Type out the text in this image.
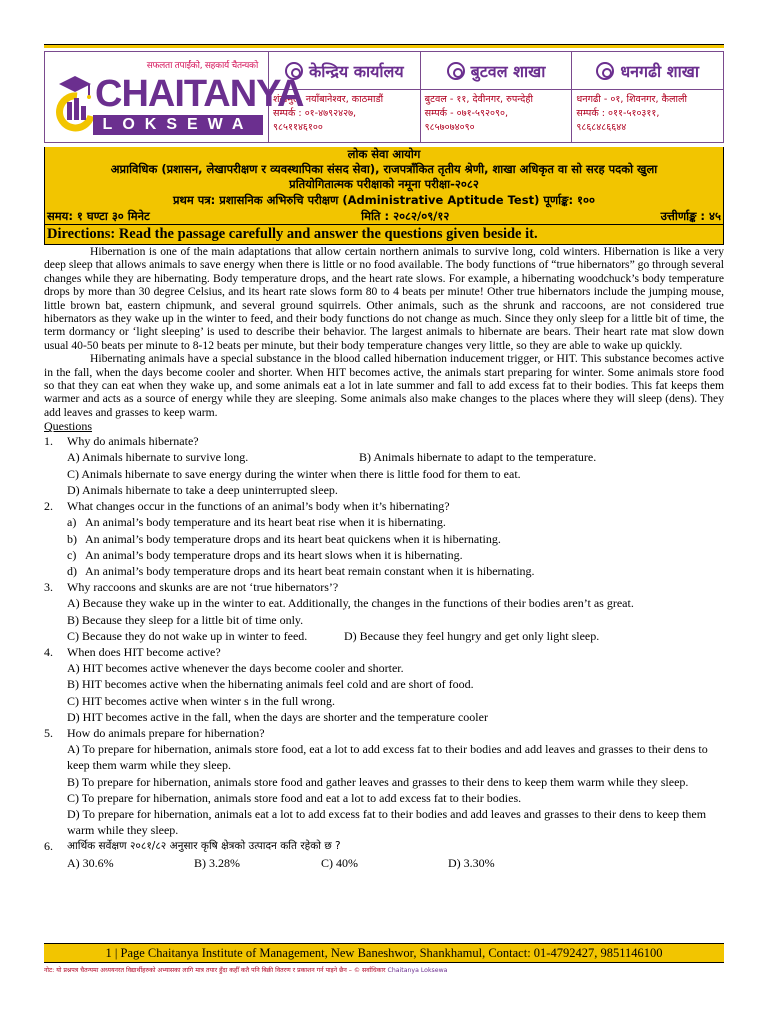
सफलता तपाईंको, सहकार्य चैतन्यको
CHAITANYA
LOKSEWA
केन्द्रिय कार्यालय
शंखमुल, नयाँबानेश्वर, काठमाडौं
सम्पर्क : ०१-४७९२४२७,
९८५११४६१००
बुटवल शाखा
बुटवल - ११, देवीनगर, रुपन्देही
सम्पर्क - ०७१-५९२०९०,
९८५७०७४०९०
धनगढी शाखा
धनगढी - ०१, शिवनगर, कैलाली
सम्पर्क : ०११-५१०३११,
९८६८४८६६४४
लोक सेवा आयोग
अप्राविधिक (प्रशासन, लेखापरीक्षण र व्यवस्थापिका संसद सेवा), राजपत्राँकित तृतीय श्रेणी, शाखा अधिकृत वा सो सरह पदको खुला
प्रतियोगितात्मक परीक्षाको नमूना परीक्षा-२०८२
प्रथम पत्र: प्रशासनिक अभिरुचि परीक्षण (Administrative Aptitude Test) पूर्णाङ्क: १००
समय: १ घण्टा ३० मिनेट	मिति : २०८२/०९/१२	उत्तीर्णाङ्क : ४५
Directions: Read the passage carefully and answer the questions given beside it.

Hibernation is one of the main adaptations that allow certain northern animals to survive long, cold winters. Hibernation is like a very deep sleep that allows animals to save energy when there is little or no food available. The body functions of “true hibernators” go through several changes while they are hibernating. Body temperature drops, and the heart rate slows. For example, a hibernating woodchuck’s body temperature drops by more than 30 degree Celsius, and its heart rate slows form 80 to 4 beats per minute! Other true hibernators include the jumping mouse, little brown bat, eastern chipmunk, and several ground squirrels. Other animals, such as the shrunk and raccoons, are not considered true hibernators as they wake up in the winter to feed, and their body functions do not change as much. Since they only sleep for a little bit of time, the term dormancy or ‘light sleeping’ is used to describe their behavior. The largest animals to hibernate are bears. Their heart rate mat slow down usual 40-50 beats per minute to 8-12 beats per minute, but their body temperature changes very little, so they are able to wake up quickly.

Hibernating animals have a special substance in the blood called hibernation inducement trigger, or HIT. This substance becomes active in the fall, when the days become cooler and shorter. When HIT becomes active, the animals start preparing for winter. Some animals store food so that they can eat when they wake up, and some animals eat a lot in late summer and fall to add excess fat to their bodies. This fat keeps them warmer and acts as a source of energy while they are sleeping. Some animals also make changes to the places where they will sleep (dens). They add leaves and grasses to keep warm.

Questions
1.	Why do animals hibernate?
A) Animals hibernate to survive long.	B) Animals hibernate to adapt to the temperature.
C) Animals hibernate to save energy during the winter when there is little food for them to eat.
D) Animals hibernate to take a deep uninterrupted sleep.
2.	What changes occur in the functions of an animal’s body when it’s hibernating?
a) An animal’s body temperature and its heart beat rise when it is hibernating.
b) An animal’s body temperature drops and its heart beat quickens when it is hibernating.
c) An animal’s body temperature drops and its heart slows when it is hibernating.
d) An animal’s body temperature drops and its heart beat remain constant when it is hibernating.
3.	Why raccoons and skunks are are not ‘true hibernators’?
A) Because they wake up in the winter to eat. Additionally, the changes in the functions of their bodies aren’t as great.
B) Because they sleep for a little bit of time only.
C) Because they do not wake up in winter to feed.	D) Because they feel hungry and get only light sleep.
4.	When does HIT become active?
A) HIT becomes active whenever the days become cooler and shorter.
B) HIT becomes active when the hibernating animals feel cold and are short of food.
C) HIT becomes active when winter s in the full wrong.
D) HIT becomes active in the fall, when the days are shorter and the temperature cooler
5.	How do animals prepare for hibernation?
A) To prepare for hibernation, animals store food, eat a lot to add excess fat to their bodies and add leaves and grasses to their dens to keep them warm while they sleep.
B) To prepare for hibernation, animals store food and gather leaves and grasses to their dens to keep them warm while they sleep.
C) To prepare for hibernation, animals store food and eat a lot to add excess fat to their bodies.
D) To prepare for hibernation, animals eat a lot to add excess fat to their bodies and add leaves and grasses to their dens to keep them warm while they sleep.
6.	आर्थिक सर्वेक्षण २०८१/८२ अनुसार कृषि क्षेत्रको उत्पादन कति रहेको छ ?
A) 30.6%	B) 3.28%	C) 40%	D) 3.30%
1 | Page Chaitanya Institute of Management, New Baneshwor, Shankhamul, Contact: 01-4792427, 9851146100
नोट: यो प्रश्नपत्र चैतन्यमा अध्ययनरत विद्यार्थीहरुको अभ्यासका लागि मात्र तयार हुँदा कहीँ कतै पनि बिक्री वितरण र प्रकाशन गर्न पाइने छैन – © सर्वाधिकार Chaitanya Loksewa
